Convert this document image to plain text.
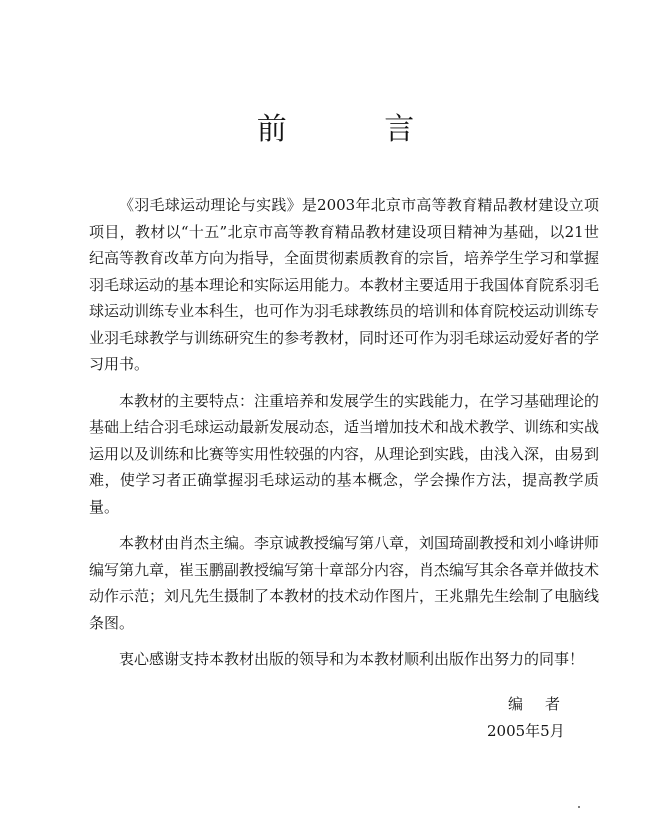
前 言

《羽毛球运动理论与实践》是2003年北京市高等教育精品教材建设立项项目，教材以“十五”北京市高等教育精品教材建设项目精神为基础，以21世纪高等教育改革方向为指导，全面贯彻素质教育的宗旨，培养学生学习和掌握羽毛球运动的基本理论和实际运用能力。本教材主要适用于我国体育院系羽毛球运动训练专业本科生，也可作为羽毛球教练员的培训和体育院校运动训练专业羽毛球教学与训练研究生的参考教材，同时还可作为羽毛球运动爱好者的学习用书。

本教材的主要特点：注重培养和发展学生的实践能力，在学习基础理论的基础上结合羽毛球运动最新发展动态，适当增加技术和战术教学、训练和实战运用以及训练和比赛等实用性较强的内容，从理论到实践，由浅入深，由易到难，使学习者正确掌握羽毛球运动的基本概念，学会操作方法，提高教学质量。

本教材由肖杰主编。李京诚教授编写第八章，刘国琦副教授和刘小峰讲师编写第九章，崔玉鹏副教授编写第十章部分内容，肖杰编写其余各章并做技术动作示范；刘凡先生摄制了本教材的技术动作图片，王兆鼎先生绘制了电脑线条图。

衷心感谢支持本教材出版的领导和为本教材顺利出版作出努力的同事！

编者
2005年5月
